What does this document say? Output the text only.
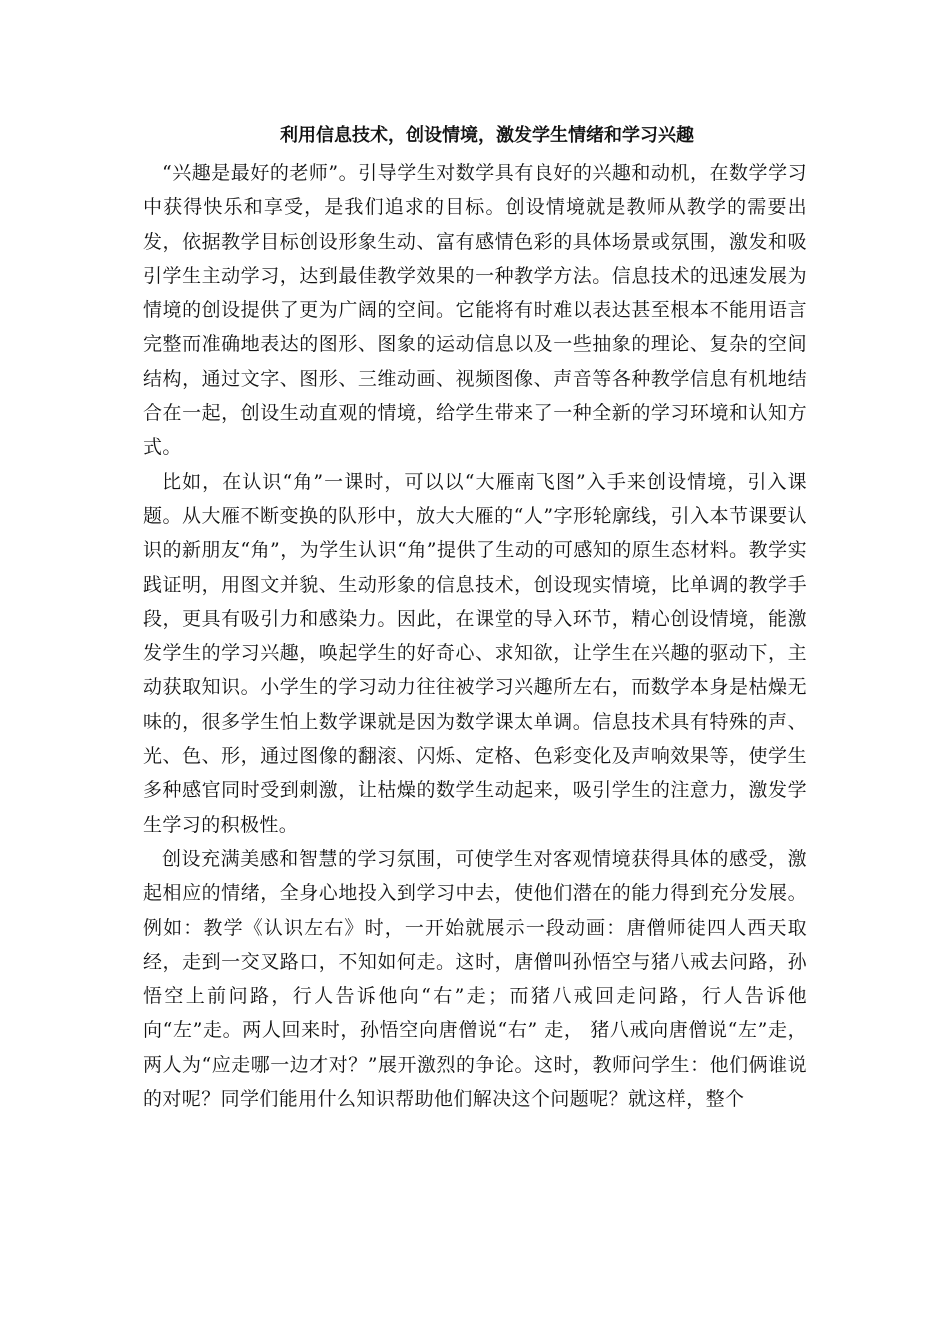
利用信息技术，创设情境，激发学生情绪和学习兴趣

“兴趣是最好的老师”。引导学生对数学具有良好的兴趣和动机，在数学学习中获得快乐和享受，是我们追求的目标。创设情境就是教师从教学的需要出发，依据教学目标创设形象生动、富有感情色彩的具体场景或氛围，激发和吸引学生主动学习，达到最佳教学效果的一种教学方法。信息技术的迅速发展为情境的创设提供了更为广阔的空间。它能将有时难以表达甚至根本不能用语言完整而准确地表达的图形、图象的运动信息以及一些抽象的理论、复杂的空间结构，通过文字、图形、三维动画、视频图像、声音等各种教学信息有机地结合在一起，创设生动直观的情境，给学生带来了一种全新的学习环境和认知方式。

比如，在认识“角”一课时，可以以“大雁南飞图”入手来创设情境，引入课题。从大雁不断变换的队形中，放大大雁的“人”字形轮廓线，引入本节课要认识的新朋友“角”，为学生认识“角”提供了生动的可感知的原生态材料。教学实践证明，用图文并貌、生动形象的信息技术，创设现实情境，比单调的教学手段，更具有吸引力和感染力。因此，在课堂的导入环节，精心创设情境，能激发学生的学习兴趣，唤起学生的好奇心、求知欲，让学生在兴趣的驱动下，主动获取知识。小学生的学习动力往往被学习兴趣所左右，而数学本身是枯燥无味的，很多学生怕上数学课就是因为数学课太单调。信息技术具有特殊的声、光、色、形，通过图像的翻滚、闪烁、定格、色彩变化及声响效果等，使学生多种感官同时受到刺激，让枯燥的数学生动起来，吸引学生的注意力，激发学生学习的积极性。

创设充满美感和智慧的学习氛围，可使学生对客观情境获得具体的感受，激起相应的情绪，全身心地投入到学习中去，使他们潜在的能力得到充分发展。例如：教学《认识左右》时，一开始就展示一段动画：唐僧师徒四人西天取经，走到一交叉路口，不知如何走。这时，唐僧叫孙悟空与猪八戒去问路，孙悟空上前问路，行人告诉他向“右”走；而猪八戒回走问路，行人告诉他向“左”走。两人回来时，孙悟空向唐僧说“右” 走， 猪八戒向唐僧说“左”走，两人为“应走哪一边才对？”展开激烈的争论。这时，教师问学生：他们俩谁说的对呢？同学们能用什么知识帮助他们解决这个问题呢？就这样，整个
